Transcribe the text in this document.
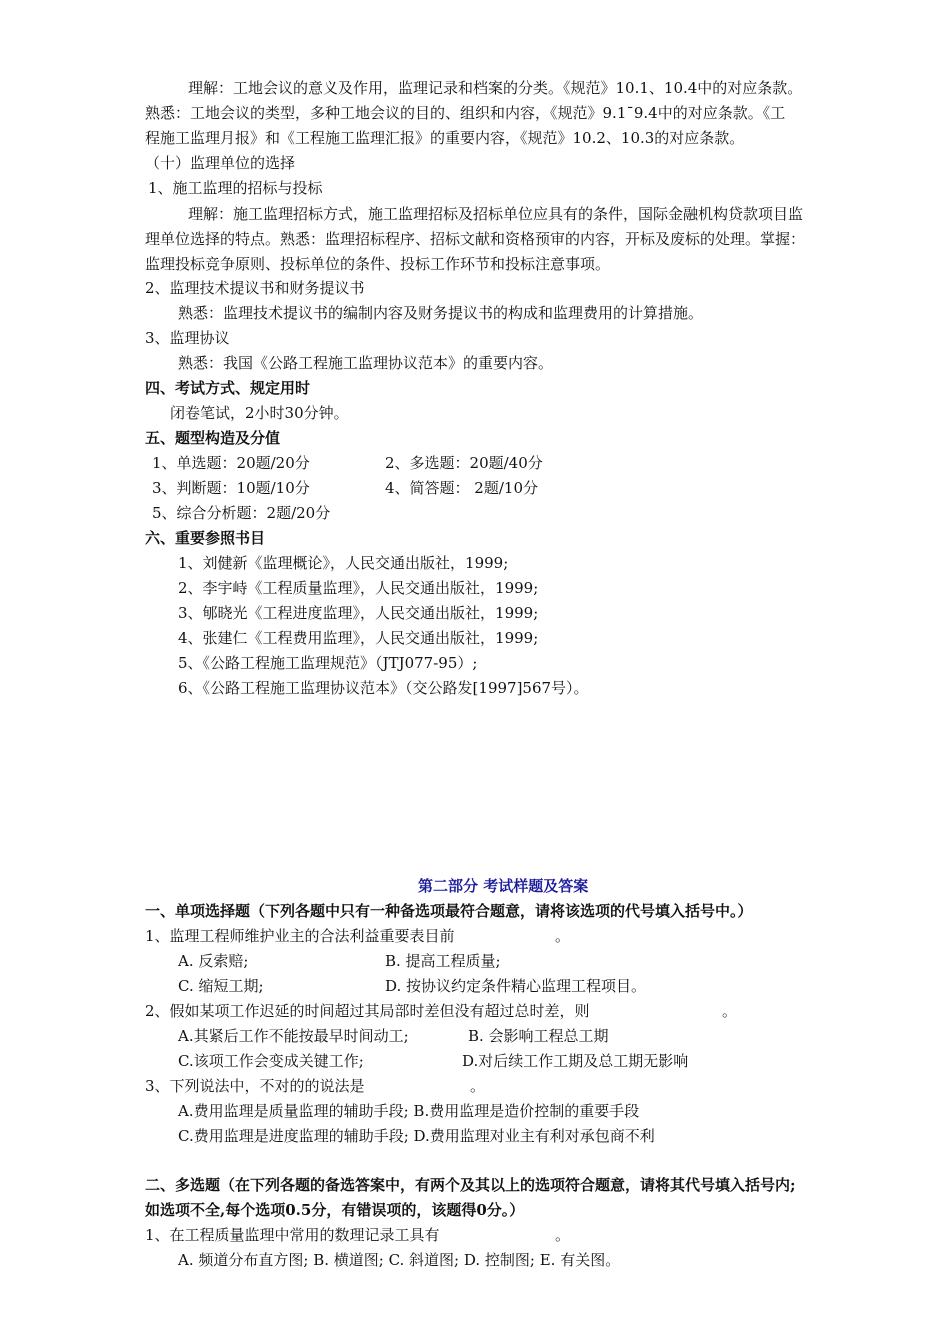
理解：工地会议的意义及作用，监理记录和档案的分类。《规范》10.1、10.4中的对应条款。

熟悉：工地会议的类型，多种工地会议的目的、组织和内容，《规范》9.1¯9.4中的对应条款。《工

程施工监理月报》和《工程施工监理汇报》的重要内容，《规范》10.2、10.3的对应条款。

（十）监理单位的选择

1、施工监理的招标与投标

理解：施工监理招标方式，施工监理招标及招标单位应具有的条件，国际金融机构贷款项目监

理单位选择的特点。熟悉：监理招标程序、招标文献和资格预审的内容，开标及废标的处理。掌握：

监理投标竞争原则、投标单位的条件、投标工作环节和投标注意事项。

2、监理技术提议书和财务提议书

熟悉：监理技术提议书的编制内容及财务提议书的构成和监理费用的计算措施。

3、监理协议

熟悉：我国《公路工程施工监理协议范本》的重要内容。

四、考试方式、规定用时

闭卷笔试，2小时30分钟。

五、题型构造及分值

1、单选题：20题/20分	2、多选题：20题/40分

3、判断题：10题/10分	4、简答题： 2题/10分

5、综合分析题：2题/20分

六、重要参照书目

1、刘健新《监理概论》，人民交通出版社，1999;

2、李宇峙《工程质量监理》，人民交通出版社，1999;

3、郇晓光《工程进度监理》，人民交通出版社，1999;

4、张建仁《工程费用监理》，人民交通出版社，1999;

5、《公路工程施工监理规范》（JTJ077-95）;

6、《公路工程施工监理协议范本》（交公路发[1997]567号）。

第二部分 考试样题及答案

一、单项选择题（下列各题中只有一种备选项最符合题意，请将该选项的代号填入括号中。）

1、监理工程师维护业主的合法利益重要表目前	。

A. 反索赔;	B. 提高工程质量;

C. 缩短工期;	D. 按协议约定条件精心监理工程项目。

2、假如某项工作迟延的时间超过其局部时差但没有超过总时差，则	。

A.其紧后工作不能按最早时间动工;	B. 会影响工程总工期

C.该项工作会变成关键工作;	D.对后续工作工期及总工期无影响

3、下列说法中，不对的的说法是	。

A.费用监理是质量监理的辅助手段; B.费用监理是造价控制的重要手段

C.费用监理是进度监理的辅助手段; D.费用监理对业主有利对承包商不利

二、多选题（在下列各题的备选答案中，有两个及其以上的选项符合题意，请将其代号填入括号内;

如选项不全,每个选项0.5分，有错误项的，该题得0分。）

1、在工程质量监理中常用的数理记录工具有	。

A. 频道分布直方图; B. 横道图; C. 斜道图; D. 控制图; E. 有关图。
